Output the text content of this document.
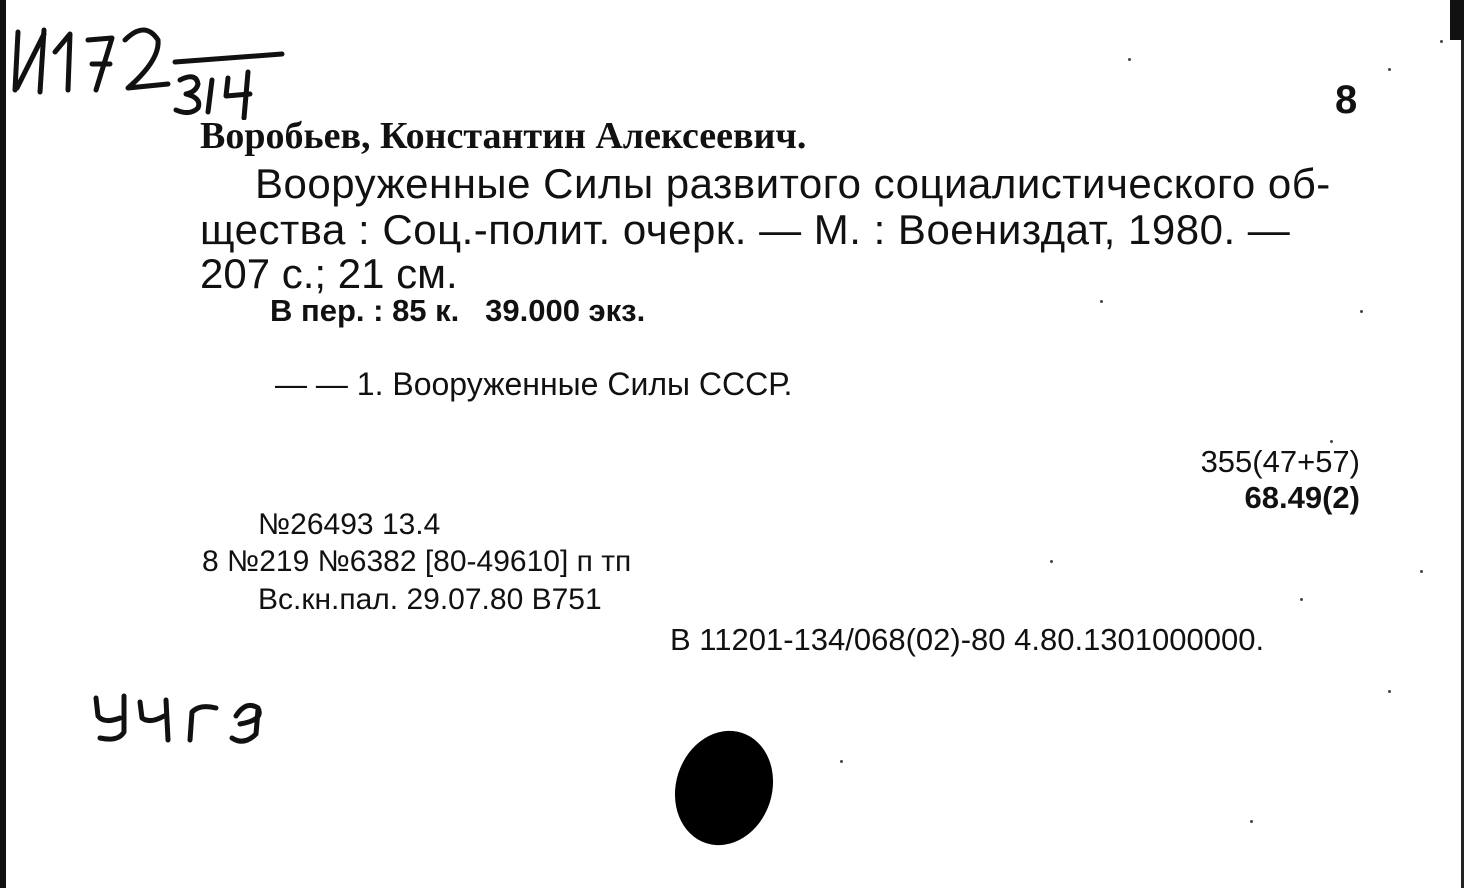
8
Воробьев, Константин Алексеевич.
Вооруженные Силы развитого социалистического об-
щества : Соц.-полит. очерк. — М. : Воениздат, 1980. —
207 с.; 21 см.
В пер. : 85 к.   39.000 экз.
— — 1. Вооруженные Силы СССР.
355(47+57)
68.49(2)
№26493 13.4
8 №219 №6382 [80-49610] п тп
Вс.кн.пал. 29.07.80 В751
В 11201-134/068(02)-80 4.80.1301000000.
